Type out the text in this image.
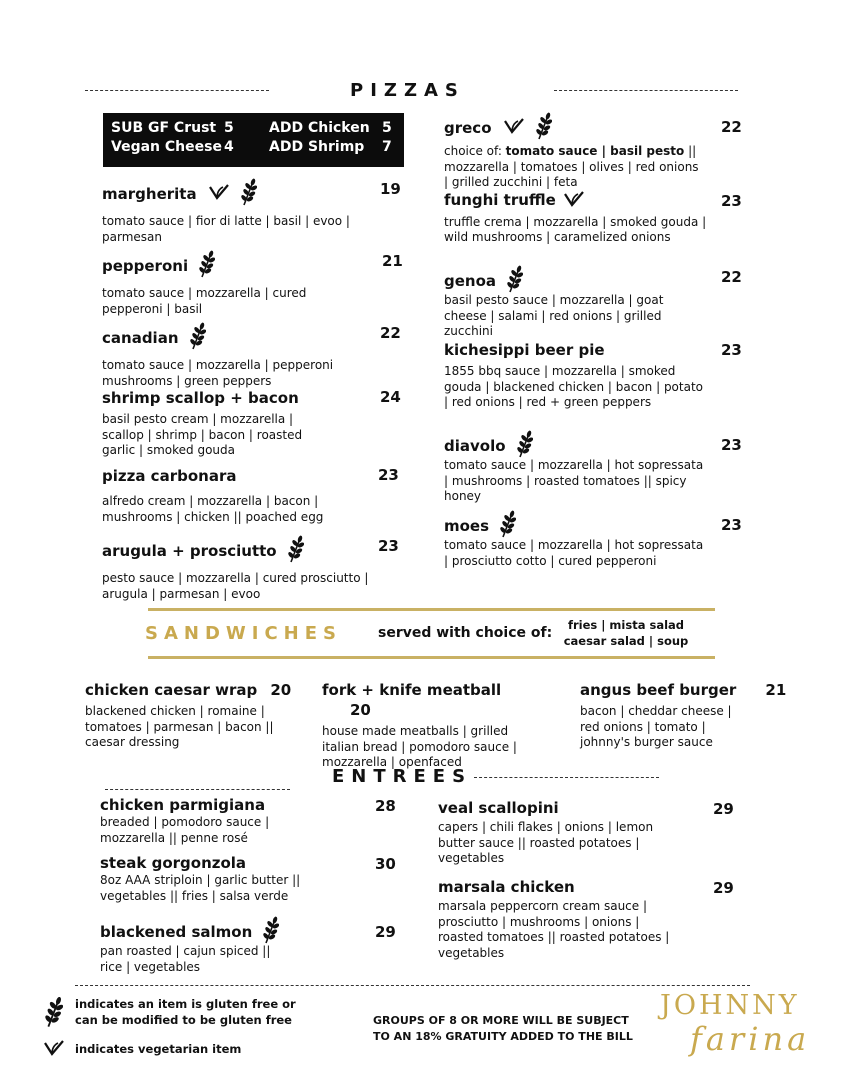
PIZZAS
SUB GF Crust 5	ADD Chicken 5
Vegan Cheese 4	ADD Shrimp 7
margherita
tomato sauce | fior di latte | basil | evoo | parmesan
19
pepperoni
tomato sauce | mozzarella | cured pepperoni | basil
21
canadian
tomato sauce | mozzarella | pepperoni mushrooms | green peppers
22
shrimp scallop + bacon
basil pesto cream | mozzarella | scallop | shrimp | bacon | roasted garlic | smoked gouda
24
pizza carbonara
alfredo cream | mozzarella | bacon | mushrooms | chicken || poached egg
23
arugula + prosciutto
pesto sauce | mozzarella | cured prosciutto | arugula | parmesan | evoo
23
greco
choice of: tomato sauce | basil pesto || mozzarella | tomatoes | olives | red onions | grilled zucchini | feta
22
funghi truffle
truffle crema | mozzarella | smoked gouda | wild mushrooms | caramelized onions
23
genoa
basil pesto sauce | mozzarella | goat cheese | salami | red onions | grilled zucchini
22
kichesippi beer pie
1855 bbq sauce | mozzarella | smoked gouda | blackened chicken | bacon | potato | red onions | red + green peppers
23
diavolo
tomato sauce | mozzarella | hot sopressata | mushrooms | roasted tomatoes || spicy honey
23
moes
tomato sauce | mozzarella | hot sopressata | prosciutto cotto | cured pepperoni
23
SANDWICHES	served with choice of:	fries | mista salad
caesar salad | soup
chicken caesar wrap 20
blackened chicken | romaine | tomatoes | parmesan | bacon || caesar dressing
fork + knife meatball 20
house made meatballs | grilled italian bread | pomodoro sauce | mozzarella | openfaced
angus beef burger 21
bacon | cheddar cheese | red onions | tomato | johnny's burger sauce
ENTREES
chicken parmigiana
breaded | pomodoro sauce | mozzarella || penne rosé
28
steak gorgonzola
8oz AAA striploin | garlic butter || vegetables || fries | salsa verde
30
blackened salmon
pan roasted | cajun spiced || rice | vegetables
29
veal scallopini
capers | chili flakes | onions | lemon butter sauce || roasted potatoes | vegetables
29
marsala chicken
marsala peppercorn cream sauce | prosciutto | mushrooms | onions | roasted tomatoes || roasted potatoes | vegetables
29
indicates an item is gluten free or
can be modified to be gluten free
indicates vegetarian item
GROUPS OF 8 OR MORE WILL BE SUBJECT
TO AN 18% GRATUITY ADDED TO THE BILL
JOHNNY
farina
